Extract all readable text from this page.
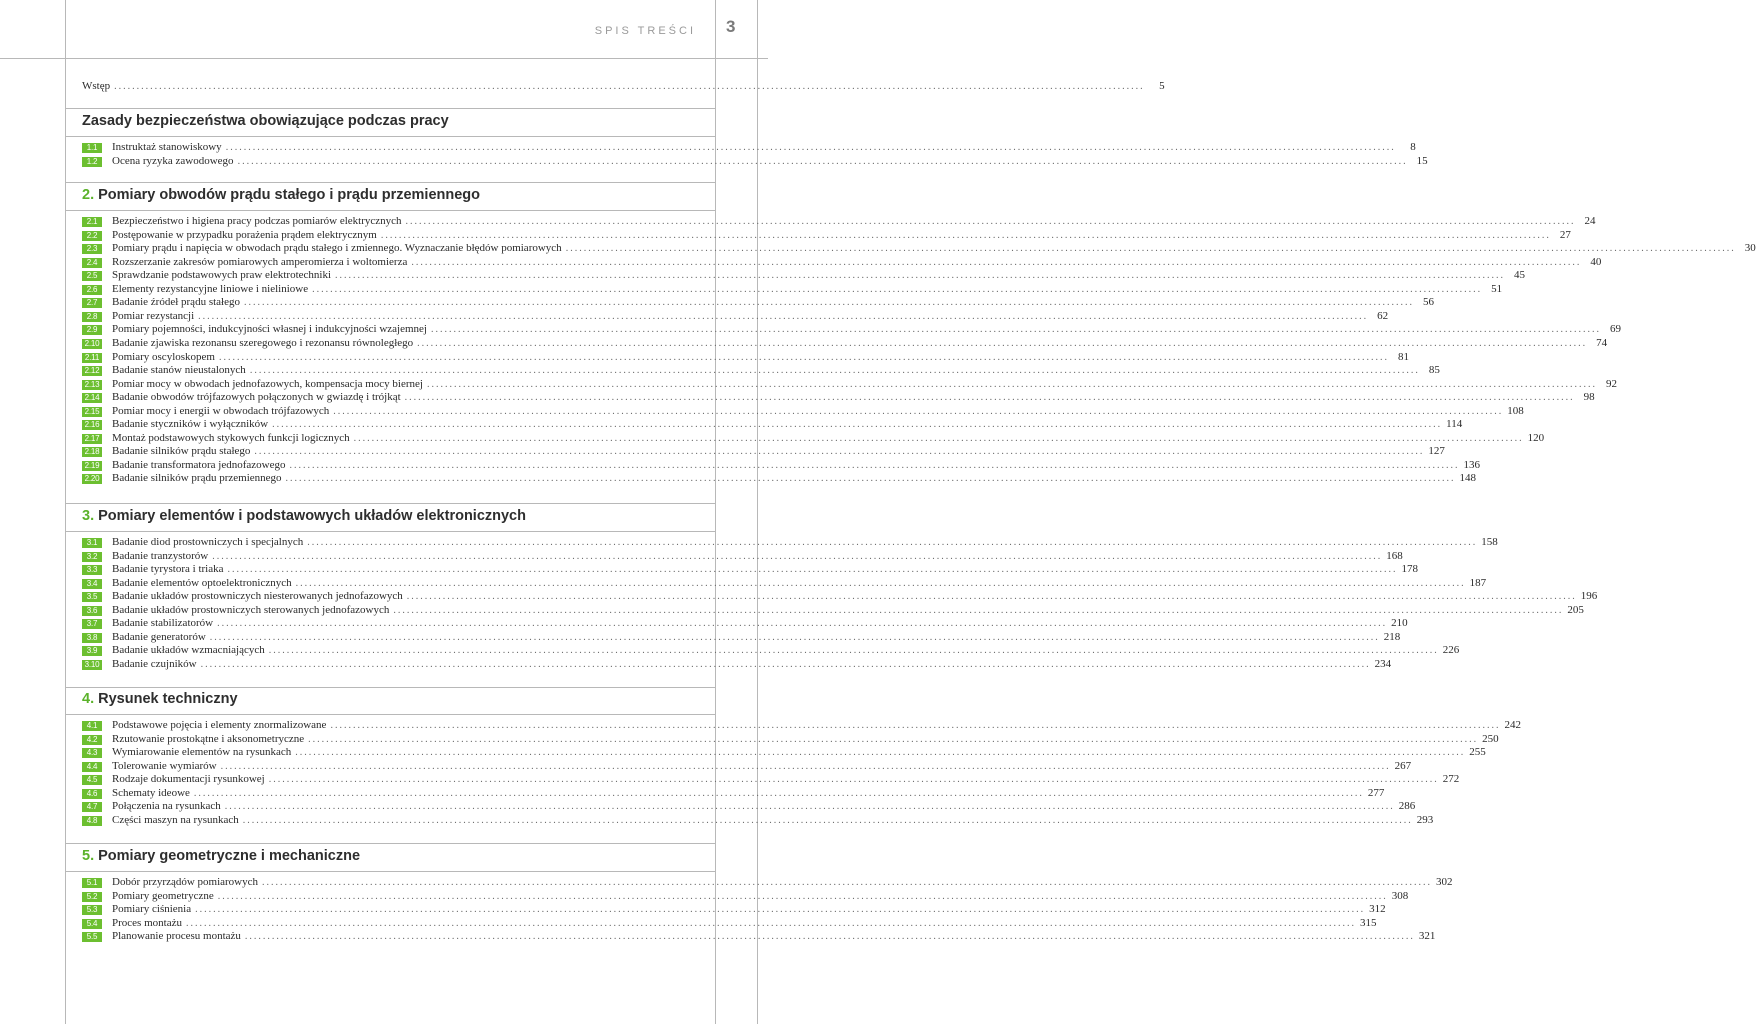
SPIS TREŚCI 3
Wstęp .....................................................................................................................................................................................................................................	5
Zasady bezpieczeństwa obowiązujące podczas pracy
1.1	Instruktaż stanowiskowy ....................................................................................................................................................................................................................................................................	8
1.2	Ocena ryzyka zawodowego .................................................................................................................................................................................................................................................................... 15
2. Pomiary obwodów prądu stałego i prądu przemiennego
2.1	Bezpieczeństwo i higiena pracy podczas pomiarów elektrycznych .................................................................................................................................................................................................................................................................... 24
2.2	Postępowanie w przypadku porażenia prądem elektrycznym .................................................................................................................................................................................................................................................................... 27
2.3	Pomiary prądu i napięcia w obwodach prądu stałego i zmiennego. Wyznaczanie błędów pomiarowych .................................................................................................................................................................................................................................................................... 30
2.4	Rozszerzanie zakresów pomiarowych amperomierza i woltomierza .................................................................................................................................................................................................................................................................... 40
2.5	Sprawdzanie podstawowych praw elektrotechniki .................................................................................................................................................................................................................................................................... 45
2.6	Elementy rezystancyjne liniowe i nieliniowe .................................................................................................................................................................................................................................................................... 51
2.7	Badanie źródeł prądu stałego .................................................................................................................................................................................................................................................................... 56
2.8	Pomiar rezystancji .................................................................................................................................................................................................................................................................... 62
2.9	Pomiary pojemności, indukcyjności własnej i indukcyjności wzajemnej .................................................................................................................................................................................................................................................................... 69
2.10 Badanie zjawiska rezonansu szeregowego i rezonansu równoległego .................................................................................................................................................................................................................................................................... 74
2.11 Pomiary oscyloskopem .................................................................................................................................................................................................................................................................... 81
2.12 Badanie stanów nieustalonych .................................................................................................................................................................................................................................................................... 85
2.13 Pomiar mocy w obwodach jednofazowych, kompensacja mocy biernej .................................................................................................................................................................................................................................................................... 92
2.14 Badanie obwodów trójfazowych połączonych w gwiazdę i trójkąt .................................................................................................................................................................................................................................................................... 98
2.15 Pomiar mocy i energii w obwodach trójfazowych .................................................................................................................................................................................................................................................................... 108
2.16 Badanie styczników i wyłączników .................................................................................................................................................................................................................................................................... 114
2.17 Montaż podstawowych stykowych funkcji logicznych .................................................................................................................................................................................................................................................................... 120
2.18 Badanie silników prądu stałego .................................................................................................................................................................................................................................................................... 127
2.19 Badanie transformatora jednofazowego .................................................................................................................................................................................................................................................................... 136
2.20 Badanie silników prądu przemiennego .................................................................................................................................................................................................................................................................... 148
3. Pomiary elementów i podstawowych układów elektronicznych
3.1	Badanie diod prostowniczych i specjalnych .................................................................................................................................................................................................................................................................... 158
3.2	Badanie tranzystorów .................................................................................................................................................................................................................................................................... 168
3.3	Badanie tyrystora i triaka .................................................................................................................................................................................................................................................................... 178
3.4	Badanie elementów optoelektronicznych .................................................................................................................................................................................................................................................................... 187
3.5	Badanie układów prostowniczych niesterowanych jednofazowych .................................................................................................................................................................................................................................................................... 196
3.6	Badanie układów prostowniczych sterowanych jednofazowych .................................................................................................................................................................................................................................................................... 205
3.7	Badanie stabilizatorów .................................................................................................................................................................................................................................................................... 210
3.8	Badanie generatorów .................................................................................................................................................................................................................................................................... 218
3.9	Badanie układów wzmacniających .................................................................................................................................................................................................................................................................... 226
3.10 Badanie czujników .................................................................................................................................................................................................................................................................... 234
4. Rysunek techniczny
4.1	Podstawowe pojęcia i elementy znormalizowane .................................................................................................................................................................................................................................................................... 242
4.2	Rzutowanie prostokątne i aksonometryczne .................................................................................................................................................................................................................................................................... 250
4.3	Wymiarowanie elementów na rysunkach .................................................................................................................................................................................................................................................................... 255
4.4	Tolerowanie wymiarów .................................................................................................................................................................................................................................................................... 267
4.5	Rodzaje dokumentacji rysunkowej .................................................................................................................................................................................................................................................................... 272
4.6	Schematy ideowe .................................................................................................................................................................................................................................................................... 277
4.7	Połączenia na rysunkach .................................................................................................................................................................................................................................................................... 286
4.8	Części maszyn na rysunkach .................................................................................................................................................................................................................................................................... 293
5. Pomiary geometryczne i mechaniczne
5.1	Dobór przyrządów pomiarowych .................................................................................................................................................................................................................................................................... 302
5.2	Pomiary geometryczne .................................................................................................................................................................................................................................................................... 308
5.3	Pomiary ciśnienia .................................................................................................................................................................................................................................................................... 312
5.4	Proces montażu .................................................................................................................................................................................................................................................................... 315
5.5	Planowanie procesu montażu .................................................................................................................................................................................................................................................................... 321
